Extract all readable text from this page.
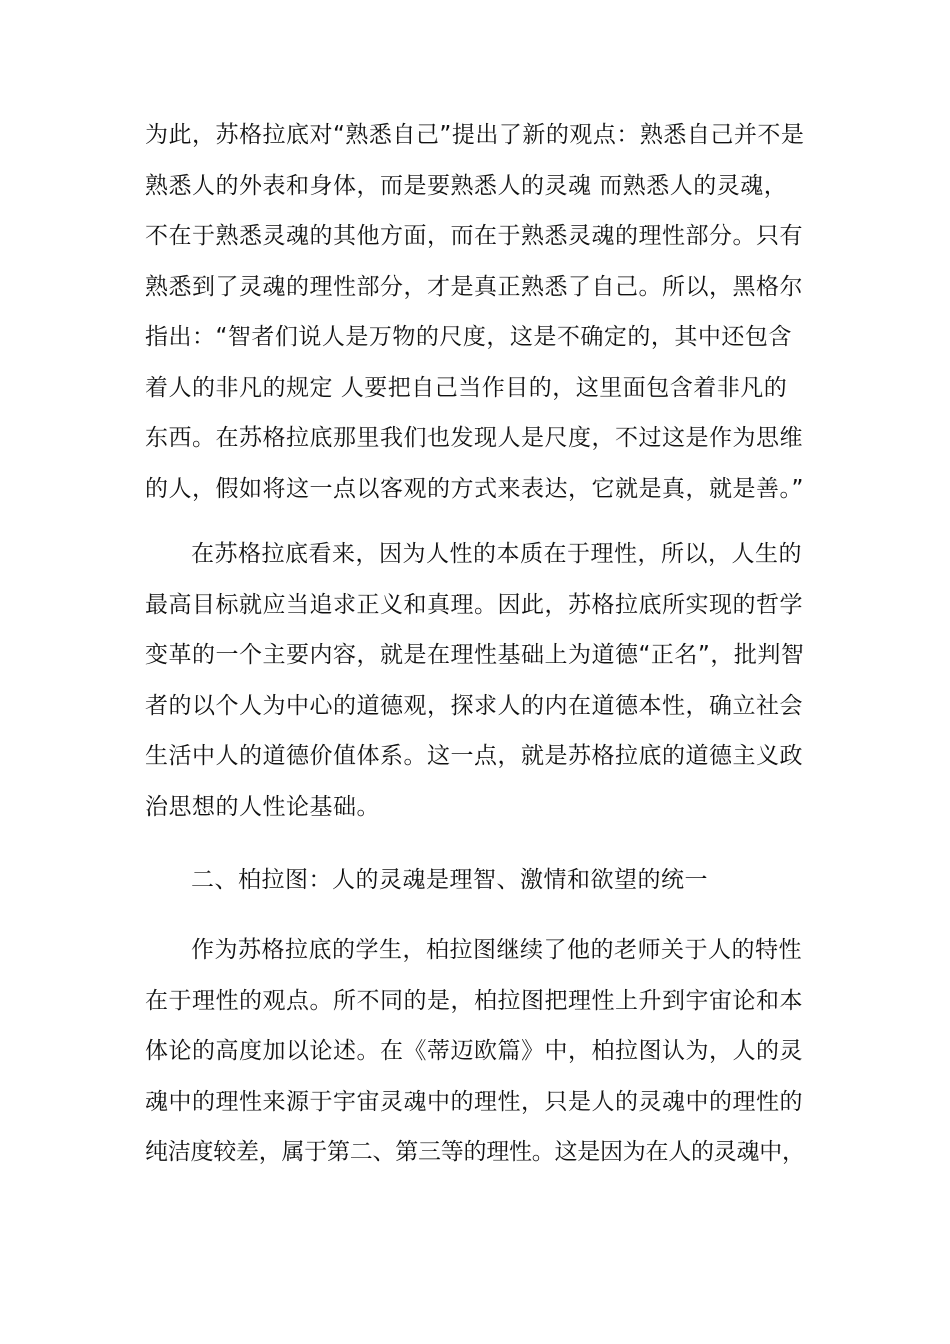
为此，苏格拉底对“熟悉自己”提出了新的观点：熟悉自己并不是
熟悉人的外表和身体，而是要熟悉人的灵魂 而熟悉人的灵魂，
不在于熟悉灵魂的其他方面，而在于熟悉灵魂的理性部分。只有
熟悉到了灵魂的理性部分，才是真正熟悉了自己。所以，黑格尔
指出：“智者们说人是万物的尺度，这是不确定的，其中还包含
着人的非凡的规定 人要把自己当作目的，这里面包含着非凡的
东西。在苏格拉底那里我们也发现人是尺度，不过这是作为思维
的人，假如将这一点以客观的方式来表达，它就是真，就是善。”

在苏格拉底看来，因为人性的本质在于理性，所以，人生的
最高目标就应当追求正义和真理。因此，苏格拉底所实现的哲学
变革的一个主要内容，就是在理性基础上为道德“正名”，批判智
者的以个人为中心的道德观，探求人的内在道德本性，确立社会
生活中人的道德价值体系。这一点，就是苏格拉底的道德主义政
治思想的人性论基础。

二、柏拉图：人的灵魂是理智、激情和欲望的统一

作为苏格拉底的学生，柏拉图继续了他的老师关于人的特性
在于理性的观点。所不同的是，柏拉图把理性上升到宇宙论和本
体论的高度加以论述。在《蒂迈欧篇》中，柏拉图认为，人的灵
魂中的理性来源于宇宙灵魂中的理性，只是人的灵魂中的理性的
纯洁度较差，属于第二、第三等的理性。这是因为在人的灵魂中，
